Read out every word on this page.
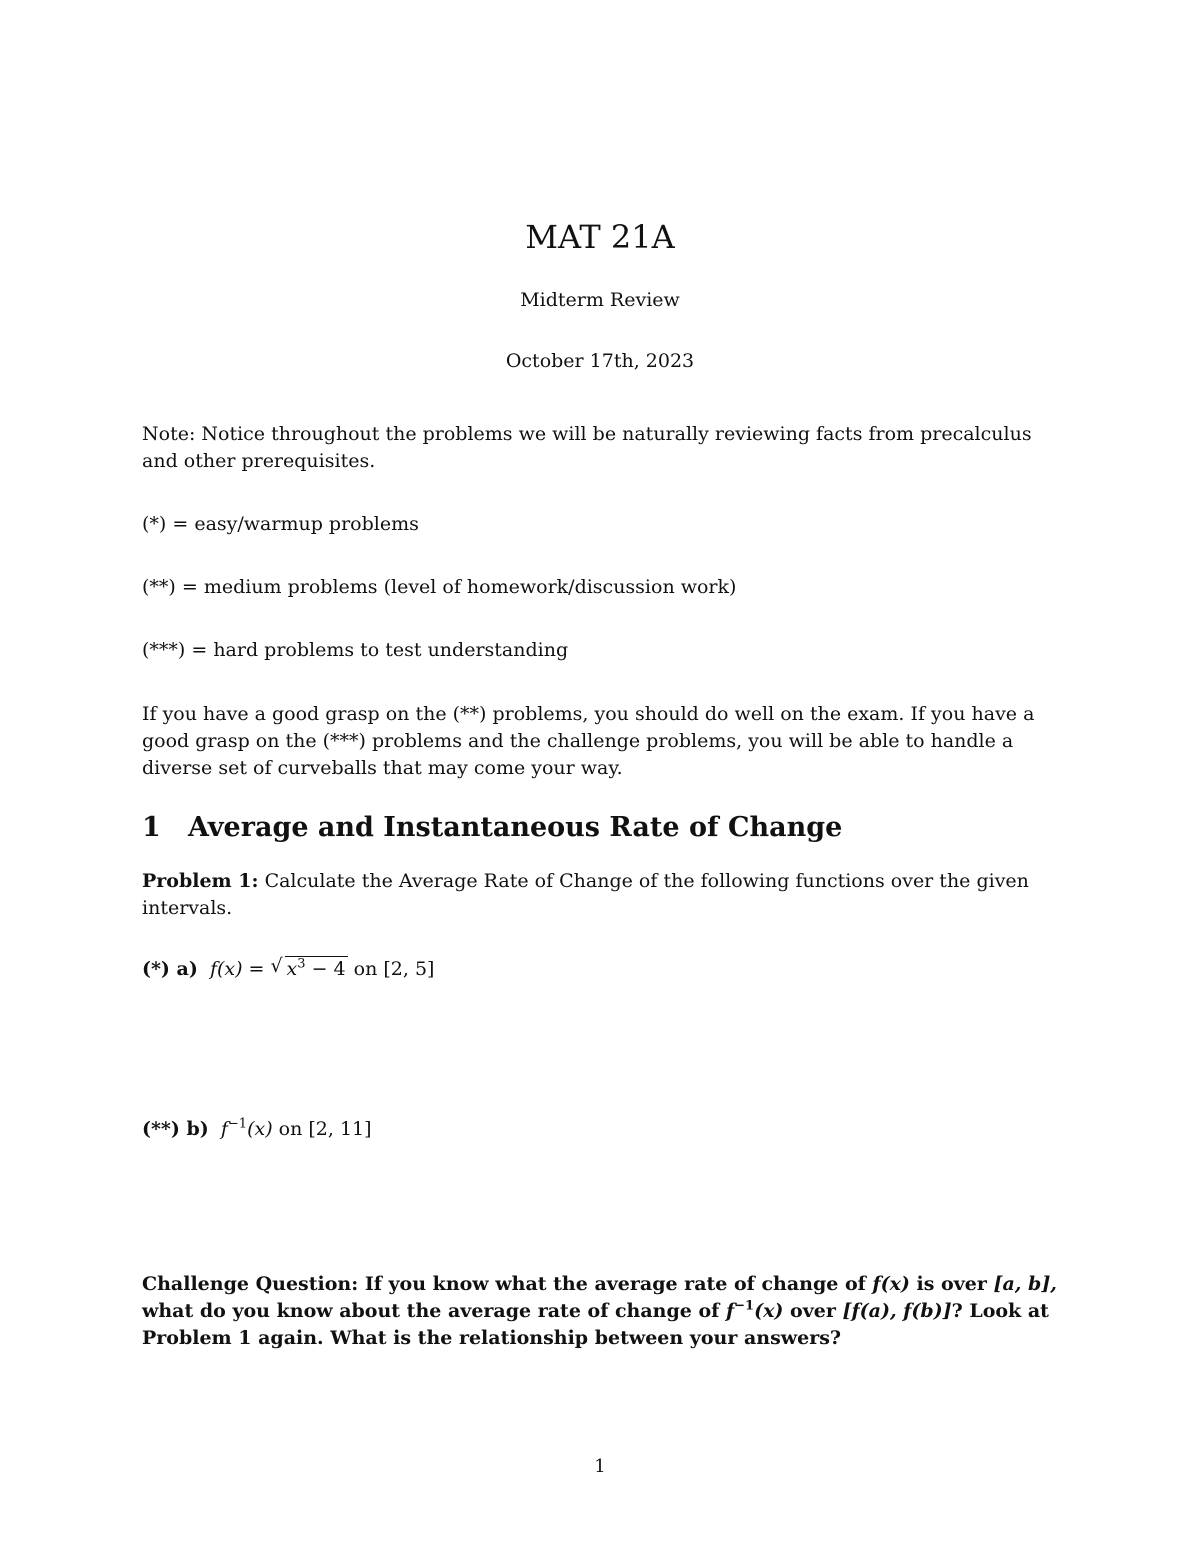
MAT 21A
Midterm Review
October 17th, 2023
Note: Notice throughout the problems we will be naturally reviewing facts from precalculus and other prerequisites.
(*) = easy/warmup problems
(**) = medium problems (level of homework/discussion work)
(***) = hard problems to test understanding
If you have a good grasp on the (**) problems, you should do well on the exam. If you have a good grasp on the (***) problems and the challenge problems, you will be able to handle a diverse set of curveballs that may come your way.
1 Average and Instantaneous Rate of Change
Problem 1: Calculate the Average Rate of Change of the following functions over the given intervals.
(*) a) f(x) = √ $x^3 - 4$ on [2, 5]
(**) b) $f^{-1}(x)$ on [2, 11]
Challenge Question: If you know what the average rate of change of f(x) is over [a, b], what do you know about the average rate of change of $f^{-1}(x)$ over [f(a), f(b)]? Look at Problem 1 again. What is the relationship between your answers?
1
